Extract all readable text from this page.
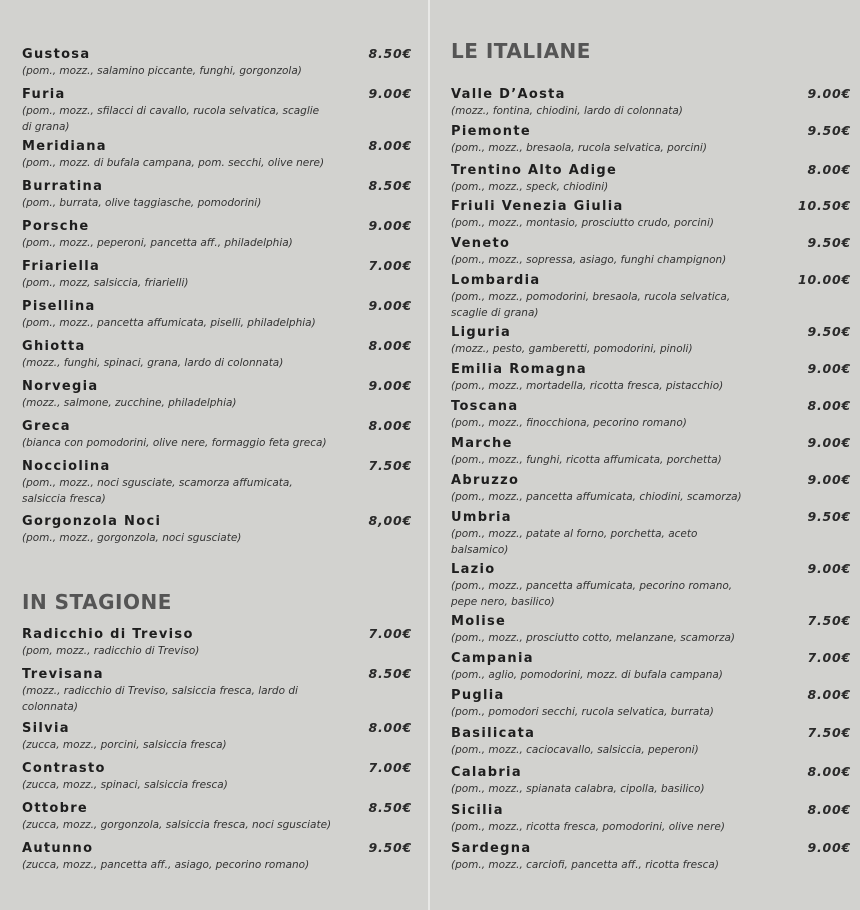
Gustosa	8.50€
(pom., mozz., salamino piccante, funghi, gorgonzola)
Furia	9.00€
(pom., mozz., sfilacci di cavallo, rucola selvatica, scaglie di grana)
Meridiana	8.00€
(pom., mozz. di bufala campana, pom. secchi, olive nere)
Burratina	8.50€
(pom., burrata, olive taggiasche, pomodorini)
Porsche	9.00€
(pom., mozz., peperoni, pancetta aff., philadelphia)
Friariella	7.00€
(pom., mozz, salsiccia, friarielli)
Pisellina	9.00€
(pom., mozz., pancetta affumicata, piselli, philadelphia)
Ghiotta	8.00€
(mozz., funghi, spinaci, grana, lardo di colonnata)
Norvegia	9.00€
(mozz., salmone, zucchine, philadelphia)
Greca	8.00€
(bianca con pomodorini, olive nere, formaggio feta greca)
Nocciolina	7.50€
(pom., mozz., noci sgusciate, scamorza affumicata, salsiccia fresca)
Gorgonzola Noci	8,00€
(pom., mozz., gorgonzola, noci sgusciate)
IN STAGIONE
Radicchio di Treviso	7.00€
(pom, mozz., radicchio di Treviso)
Trevisana	8.50€
(mozz., radicchio di Treviso, salsiccia fresca, lardo di colonnata)
Silvia	8.00€
(zucca, mozz., porcini, salsiccia fresca)
Contrasto	7.00€
(zucca, mozz., spinaci, salsiccia fresca)
Ottobre	8.50€
(zucca, mozz., gorgonzola, salsiccia fresca, noci sgusciate)
Autunno	9.50€
(zucca, mozz., pancetta aff., asiago, pecorino romano)
LE ITALIANE
Valle D’Aosta	9.00€
(mozz., fontina, chiodini, lardo di colonnata)
Piemonte	9.50€
(pom., mozz., bresaola, rucola selvatica, porcini)
Trentino Alto Adige	8.00€
(pom., mozz., speck, chiodini)
Friuli Venezia Giulia	10.50€
(pom., mozz., montasio, prosciutto crudo, porcini)
Veneto	9.50€
(pom., mozz., sopressa, asiago, funghi champignon)
Lombardia	10.00€
(pom., mozz., pomodorini, bresaola, rucola selvatica, scaglie di grana)
Liguria	9.50€
(mozz., pesto, gamberetti, pomodorini, pinoli)
Emilia Romagna	9.00€
(pom., mozz., mortadella, ricotta fresca, pistacchio)
Toscana	8.00€
(pom., mozz., finocchiona, pecorino romano)
Marche	9.00€
(pom., mozz., funghi, ricotta affumicata, porchetta)
Abruzzo	9.00€
(pom., mozz., pancetta affumicata, chiodini, scamorza)
Umbria	9.50€
(pom., mozz., patate al forno, porchetta, aceto balsamico)
Lazio	9.00€
(pom., mozz., pancetta affumicata, pecorino romano, pepe nero, basilico)
Molise	7.50€
(pom., mozz., prosciutto cotto, melanzane, scamorza)
Campania	7.00€
(pom., aglio, pomodorini, mozz. di bufala campana)
Puglia	8.00€
(pom., pomodori secchi, rucola selvatica, burrata)
Basilicata	7.50€
(pom., mozz., caciocavallo, salsiccia, peperoni)
Calabria	8.00€
(pom., mozz., spianata calabra, cipolla, basilico)
Sicilia	8.00€
(pom., mozz., ricotta fresca, pomodorini, olive nere)
Sardegna	9.00€
(pom., mozz., carciofi, pancetta aff., ricotta fresca)
